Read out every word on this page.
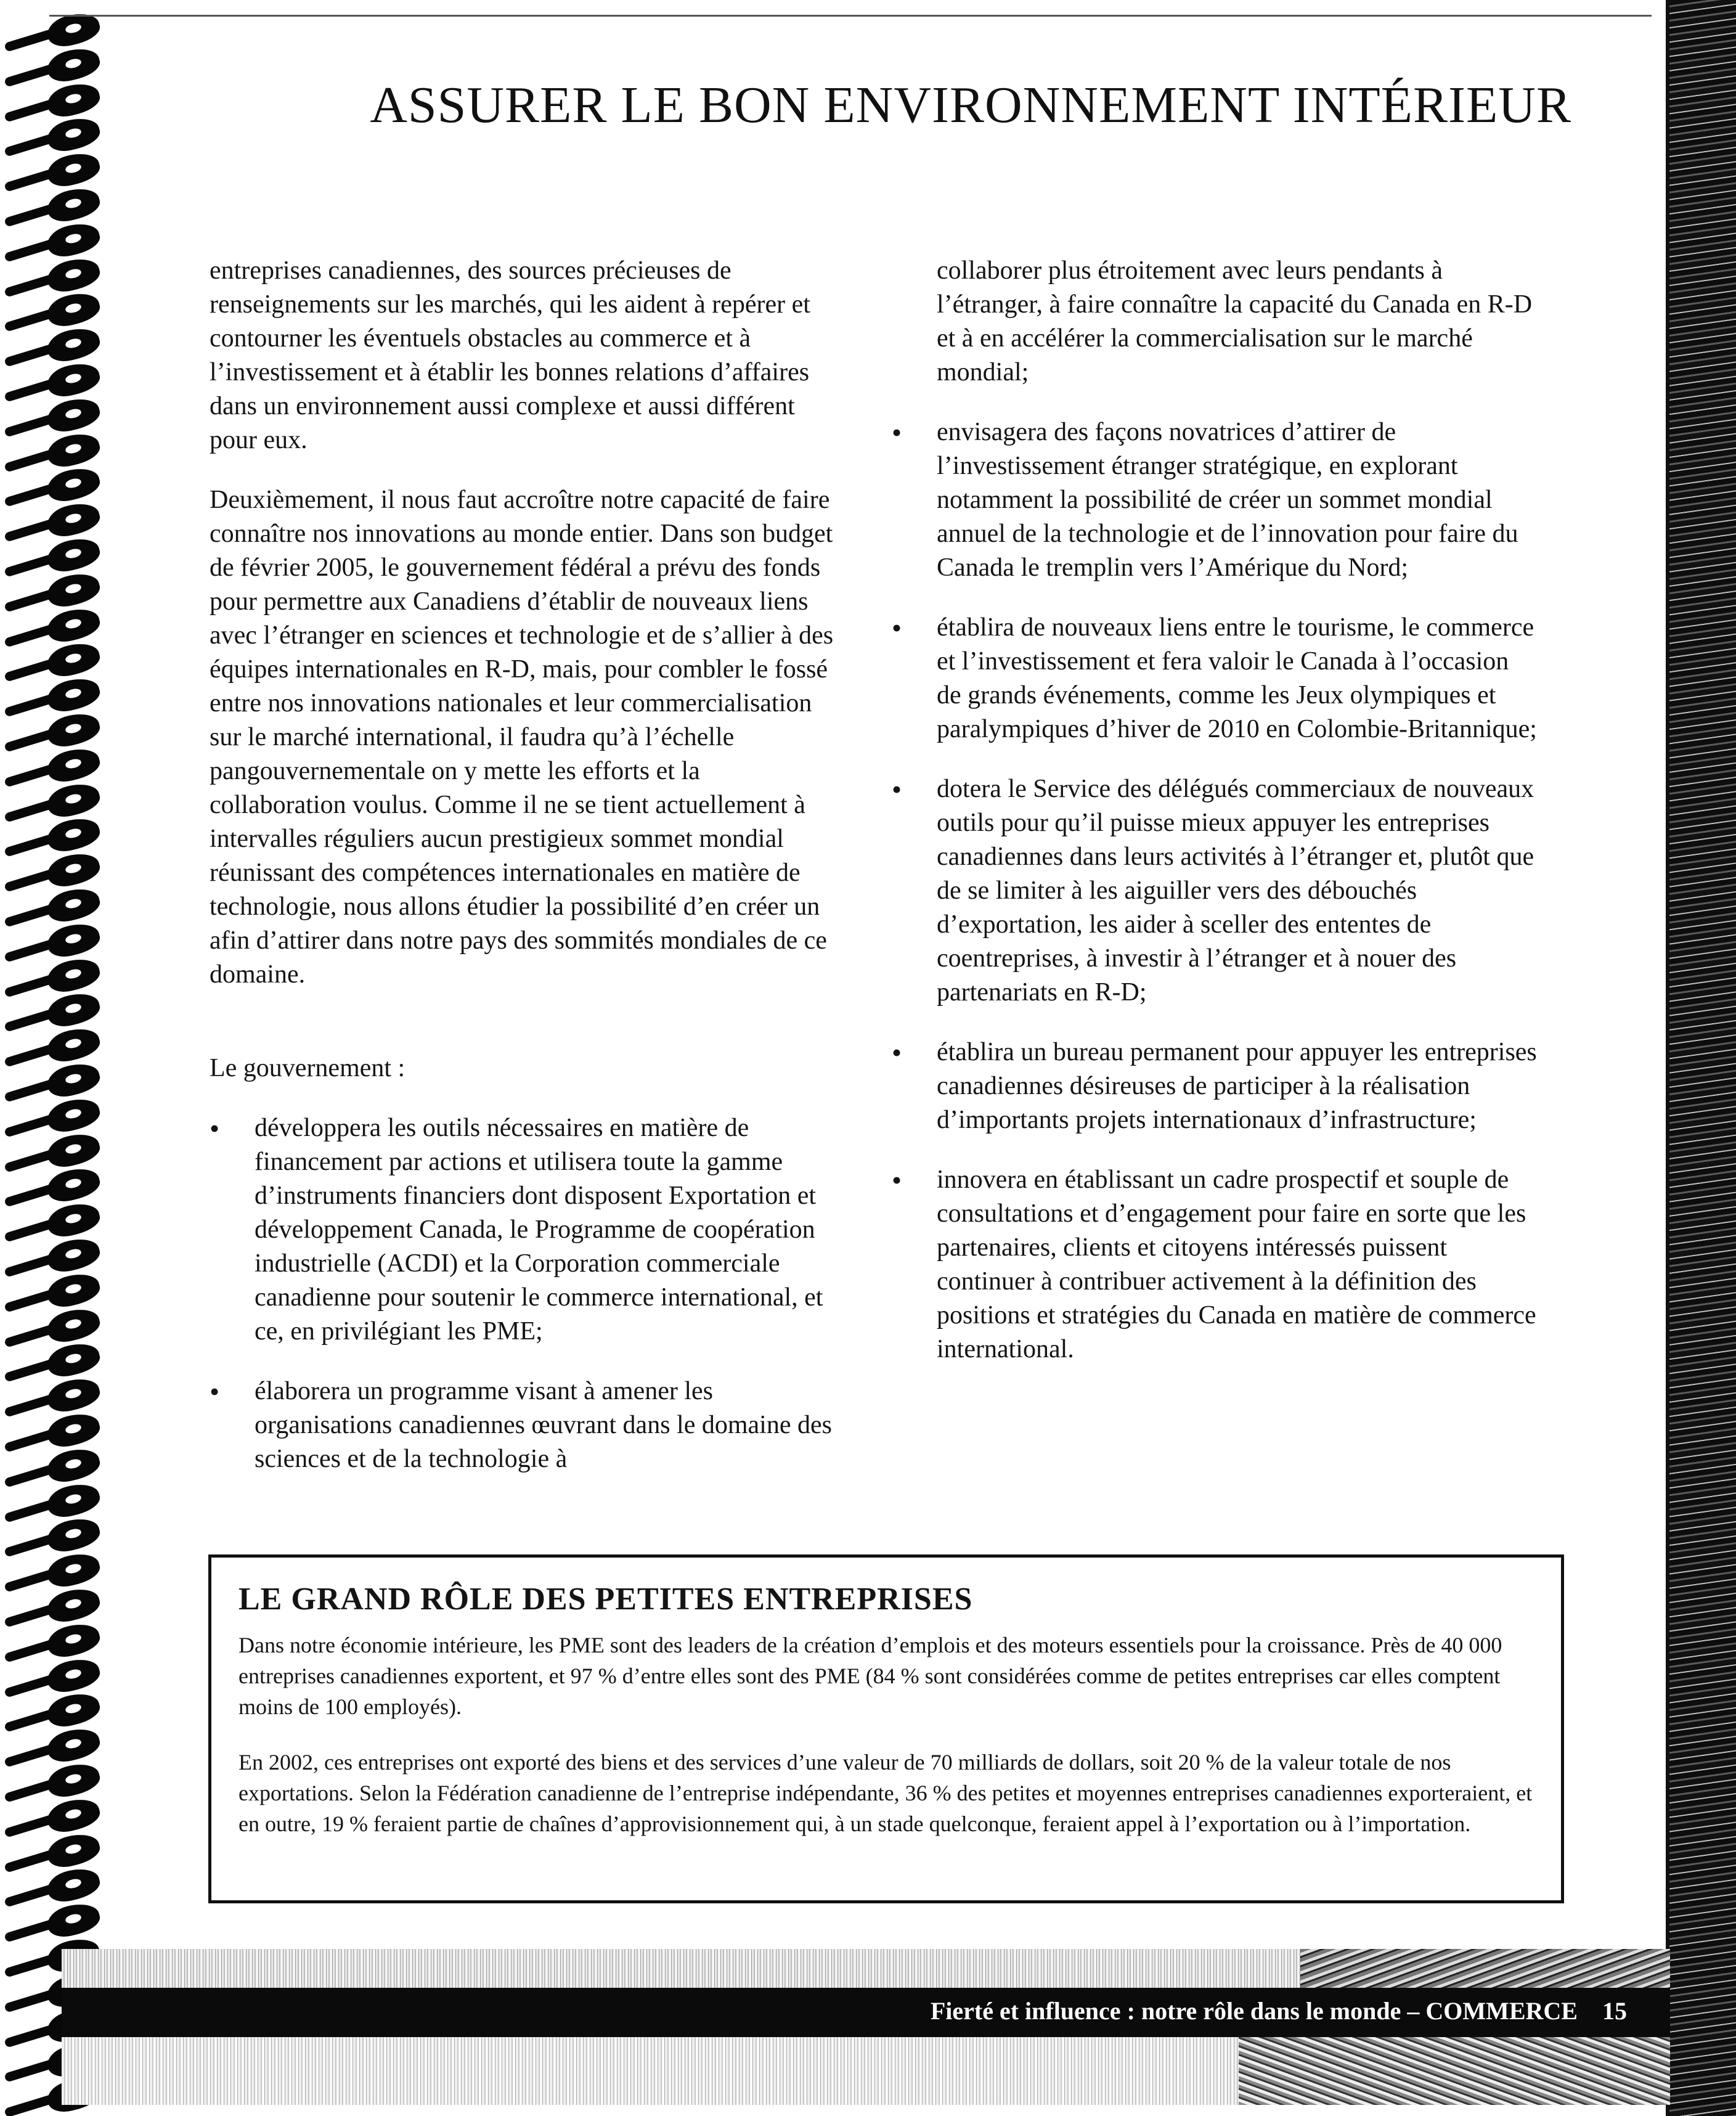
ASSURER LE BON ENVIRONNEMENT INTÉRIEUR

entreprises canadiennes, des sources précieuses de renseignements sur les marchés, qui les aident à repérer et contourner les éventuels obstacles au commerce et à l’investissement et à établir les bonnes relations d’affaires dans un environnement aussi complexe et aussi différent pour eux.

Deuxièmement, il nous faut accroître notre capacité de faire connaître nos innovations au monde entier. Dans son budget de février 2005, le gouvernement fédéral a prévu des fonds pour permettre aux Canadiens d’établir de nouveaux liens avec l’étranger en sciences et technologie et de s’allier à des équipes internationales en R-D, mais, pour combler le fossé entre nos innovations nationales et leur commercialisation sur le marché international, il faudra qu’à l’échelle pangouvernementale on y mette les efforts et la collaboration voulus. Comme il ne se tient actuellement à intervalles réguliers aucun prestigieux sommet mondial réunissant des compétences internationales en matière de technologie, nous allons étudier la possibilité d’en créer un afin d’attirer dans notre pays des sommités mondiales de ce domaine.

Le gouvernement :

•	développera les outils nécessaires en matière de financement par actions et utilisera toute la gamme d’instruments financiers dont disposent Exportation et développement Canada, le Programme de coopération industrielle (ACDI) et la Corporation commerciale canadienne pour soutenir le commerce international, et ce, en privilégiant les PME;
•	élaborera un programme visant à amener les organisations canadiennes œuvrant dans le domaine des sciences et de la technologie à

collaborer plus étroitement avec leurs pendants à l’étranger, à faire connaître la capacité du Canada en R-D et à en accélérer la commercialisation sur le marché mondial;

•	envisagera des façons novatrices d’attirer de l’investissement étranger stratégique, en explorant notamment la possibilité de créer un sommet mondial annuel de la technologie et de l’innovation pour faire du Canada le tremplin vers l’Amérique du Nord;
•	établira de nouveaux liens entre le tourisme, le commerce et l’investissement et fera valoir le Canada à l’occasion de grands événements, comme les Jeux olympiques et paralympiques d’hiver de 2010 en Colombie-Britannique;
•	dotera le Service des délégués commerciaux de nouveaux outils pour qu’il puisse mieux appuyer les entreprises canadiennes dans leurs activités à l’étranger et, plutôt que de se limiter à les aiguiller vers des débouchés d’exportation, les aider à sceller des ententes de coentreprises, à investir à l’étranger et à nouer des partenariats en R-D;
•	établira un bureau permanent pour appuyer les entreprises canadiennes désireuses de participer à la réalisation d’importants projets internationaux d’infrastructure;
•	innovera en établissant un cadre prospectif et souple de consultations et d’engagement pour faire en sorte que les partenaires, clients et citoyens intéressés puissent continuer à contribuer activement à la définition des positions et stratégies du Canada en matière de commerce international.
LE GRAND RÔLE DES PETITES ENTREPRISES

Dans notre économie intérieure, les PME sont des leaders de la création d’emplois et des moteurs essentiels pour la croissance. Près de 40 000 entreprises canadiennes exportent, et 97 % d’entre elles sont des PME (84 % sont considérées comme de petites entreprises car elles comptent moins de 100 employés).

En 2002, ces entreprises ont exporté des biens et des services d’une valeur de 70 milliards de dollars, soit 20 % de la valeur totale de nos exportations. Selon la Fédération canadienne de l’entreprise indépendante, 36 % des petites et moyennes entreprises canadiennes exporteraient, et en outre, 19 % feraient partie de chaînes d’approvisionnement qui, à un stade quelconque, feraient appel à l’exportation ou à l’importation.

Fierté et influence : notre rôle dans le monde – COMMERCE 15
